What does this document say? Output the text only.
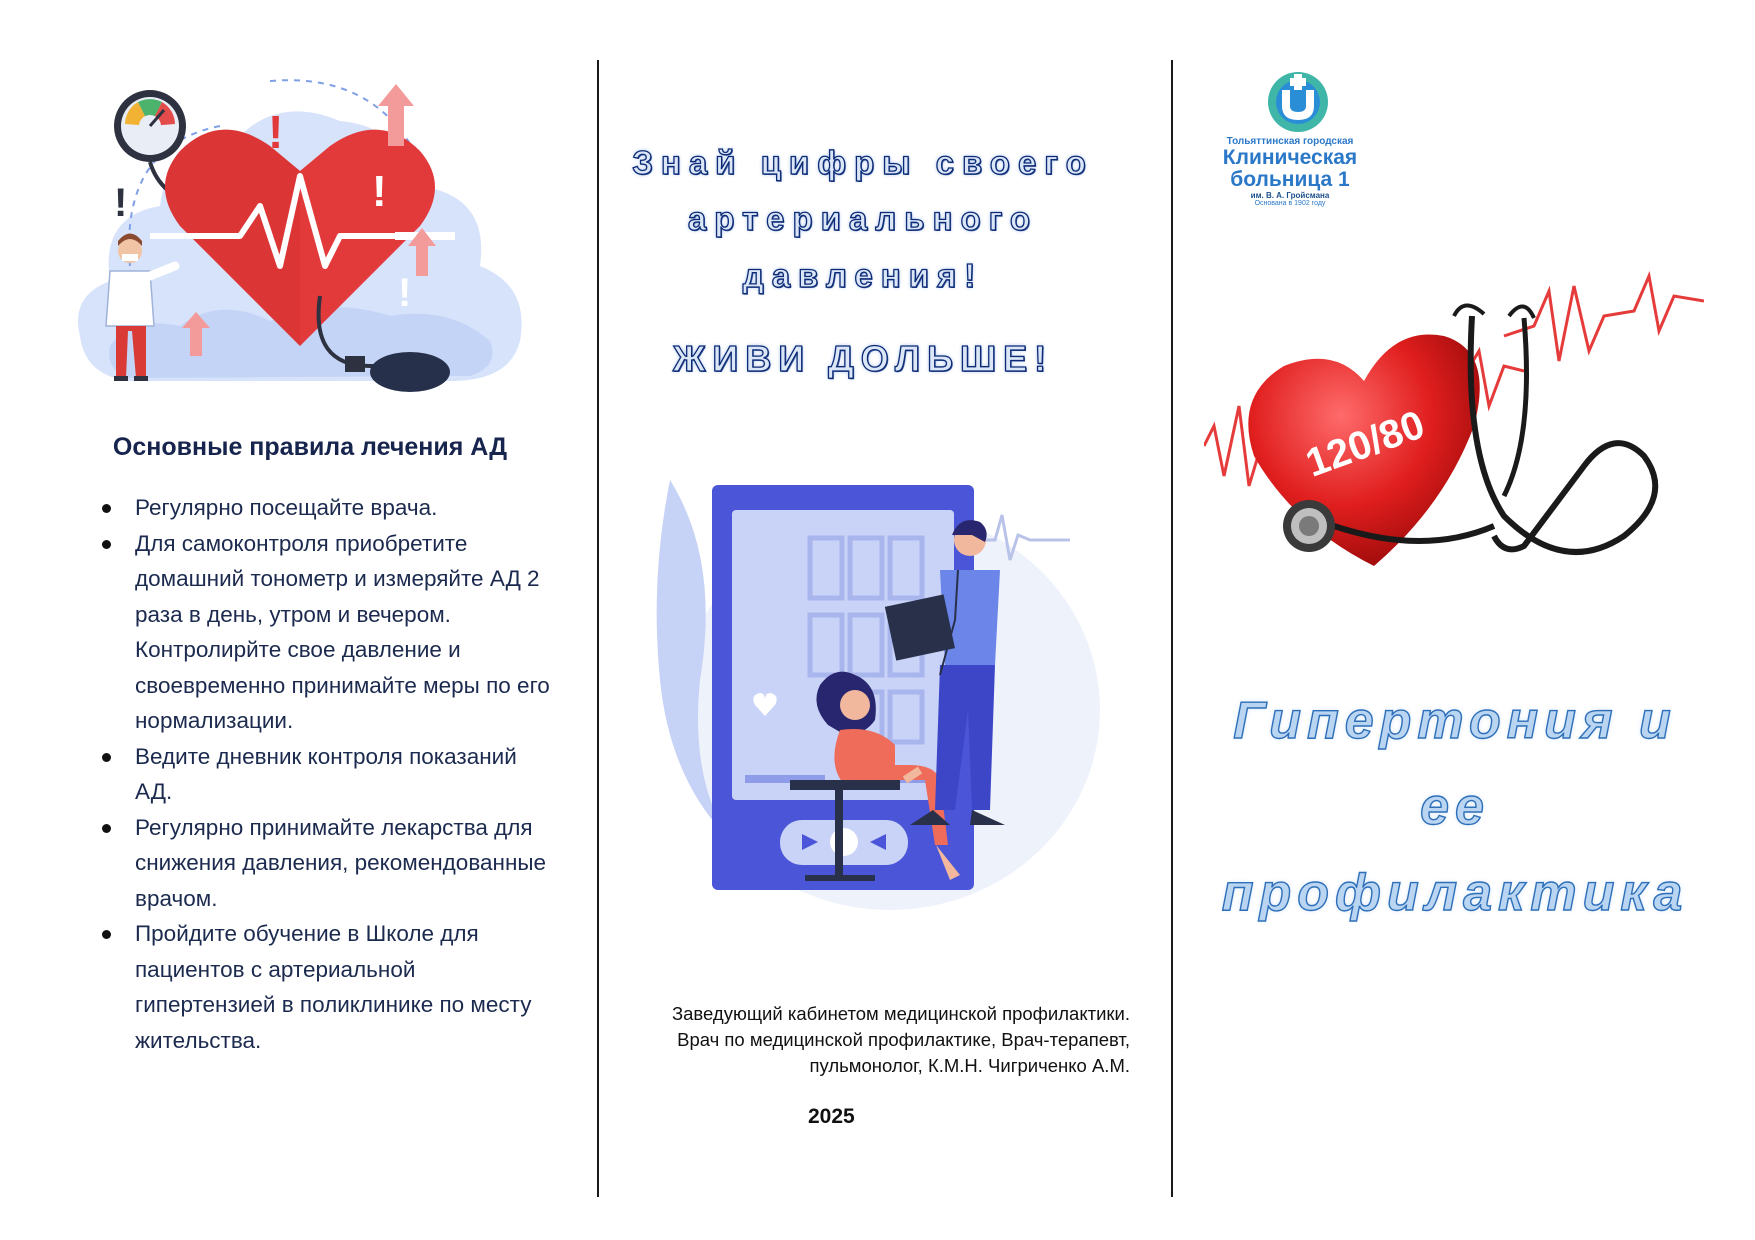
!
!
!
!
Основные правила лечения АД
Регулярно посещайте врача.
Для самоконтроля приобретите домашний тонометр и измеряйте АД 2 раза в день, утром и вечером. Контролирйте свое давление и своевременно принимайте меры по его нормализации.
Ведите дневник контроля показаний АД.
Регулярно принимайте лекарства для снижения давления, рекомендованные врачом.
Пройдите обучение в Школе для пациентов с артериальной гипертензией в поликлинике по месту жительства.
Знай цифры своего
артериального
давления!
ЖИВИ ДОЛЬШЕ!
Заведующий кабинетом медицинской профилактики.
Врач по медицинской профилактике, Врач-терапевт,
пульмонолог, К.М.Н. Чигриченко А.М.
2025
Тольяттинская городская
Клиническая
больница 1
им. В. А. Гройсмана
Основана в 1902 году
120/80
Гипертония и
ее
профилактика
